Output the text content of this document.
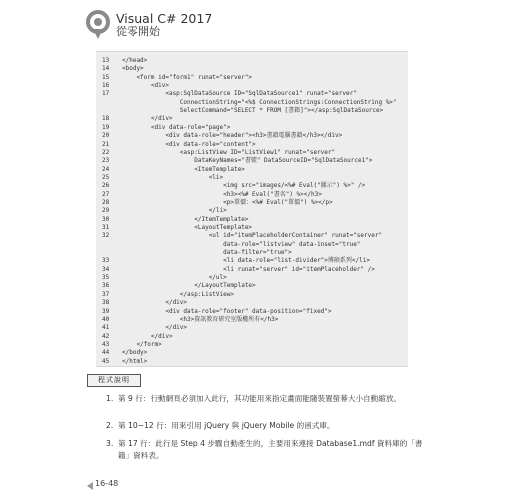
Visual C# 2017
從零開始
13	</head>
14	<body>
15	<form id="form1" runat="server">
16	<div>
17	<asp:SqlDataSource ID="SqlDataSource1" runat="server"
ConnectionString="<%$ ConnectionStrings:ConnectionString %>"
SelectCommand="SELECT * FROM [書籍]"></asp:SqlDataSource>
18	</div>
19	<div data-role="page">
20	<div data-role="header"><h3>書籍電腦書籍</h3></div>
21	<div data-role="content">
22	<asp:ListView ID="ListView1" runat="server"
23	DataKeyNames="書號" DataSourceID="SqlDataSource1">
24	<ItemTemplate>
25	<li>
26	<img src="images/<%# Eval("圖示") %>" />
27	<h3><%# Eval("書名") %></h3>
28	<p>單價：<%# Eval("單價") %></p>
29	</li>
30	</ItemTemplate>
31	<LayoutTemplate>
32	<ul id="itemPlaceholderContainer" runat="server"
data-role="listview" data-inset="true"
data-filter="true">
33	<li data-role="list-divider">博碩系列</li>
34	<li runat="server" id="itemPlaceholder" />
35	</ul>
36	</LayoutTemplate>
37	</asp:ListView>
38	</div>
39	<div data-role="footer" data-position="fixed">
40	<h3>資訊教育研究室版權所有</h3>
41	</div>
42	</div>
43	</form>
44	</body>
45	</html>
程式說明
1. 第 9 行：行動網頁必須加入此行，其功能用來指定畫面能隨裝置螢幕大小自動縮放。
2. 第 10~12 行：用來引用 jQuery 與 jQuery Mobile 的函式庫。
3. 第 17 行：此行是 Step 4 步驟自動產生的，主要用來連接 Database1.mdf 資料庫的「書籍」資料表。
16-48
